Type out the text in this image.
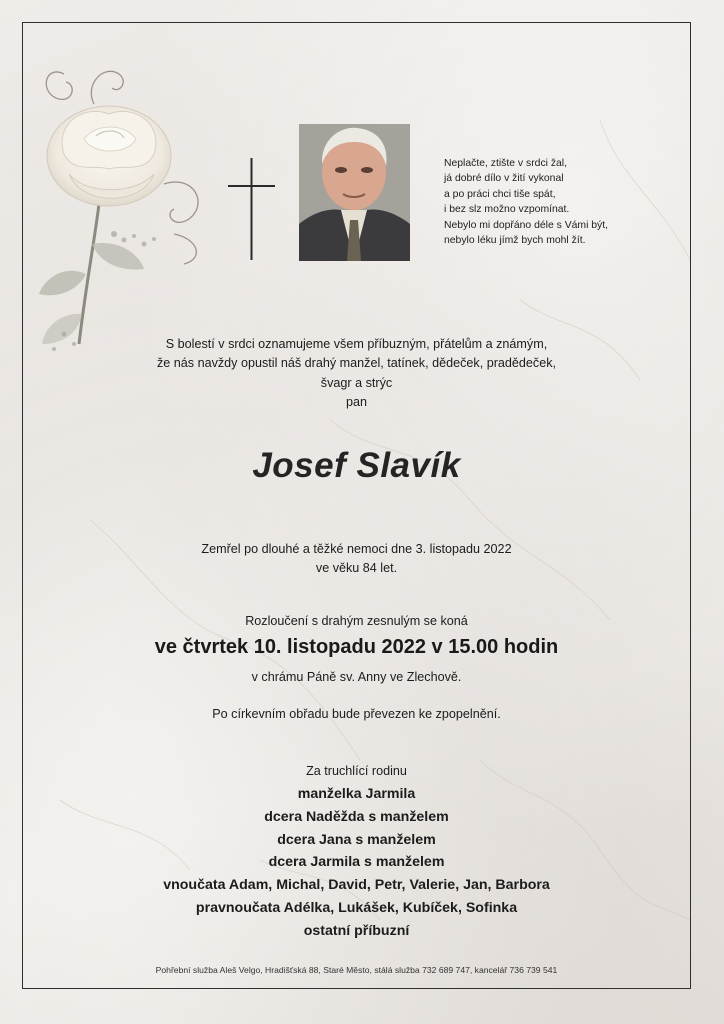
Neplačte, ztište v srdci žal,
já dobré dílo v žití vykonal
a po práci chci tiše spát,
i bez slz možno vzpomínat.
Nebylo mi dopřáno déle s Vámi být,
nebylo léku jímž bych mohl žít.
S bolestí v srdci oznamujeme všem příbuzným, přátelům a známým,
že nás navždy opustil náš drahý manžel, tatínek, dědeček, pradědeček,
švagr a strýc
pan
Josef Slavík
Zemřel po dlouhé a těžké nemoci dne 3. listopadu 2022
ve věku 84 let.
Rozloučení s drahým zesnulým se koná
ve čtvrtek 10. listopadu 2022 v 15.00 hodin
v chrámu Páně sv. Anny ve Zlechově.
Po církevním obřadu bude převezen ke zpopelnění.
Za truchlící rodinu
manželka Jarmila
dcera Naděžda s manželem
dcera Jana s manželem
dcera Jarmila s manželem
vnoučata Adam, Michal, David, Petr, Valerie, Jan, Barbora
pravnoučata Adélka, Lukášek, Kubíček, Sofinka
ostatní příbuzní
Pohřební služba Aleš Velgo, Hradišťská 88, Staré Město, stálá služba 732 689 747, kancelář 736 739 541
